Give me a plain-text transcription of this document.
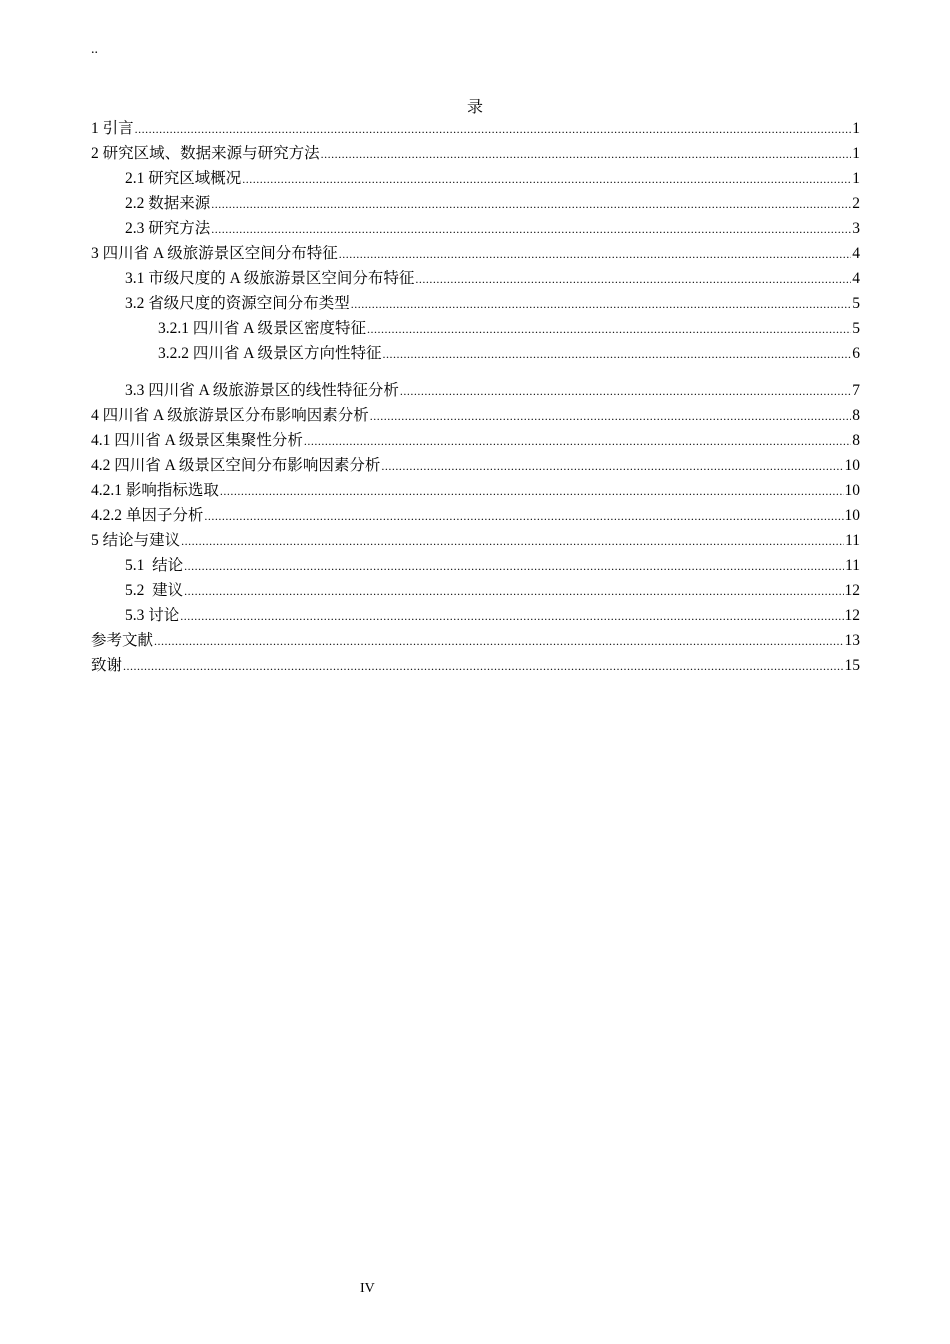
..
录
1 引言 .....	1
2 研究区域、数据来源与研究方法 .....	1
2.1 研究区域概况 .....	1
2.2 数据来源 .....	2
2.3 研究方法 .....	3
3 四川省 A 级旅游景区空间分布特征 .....	4
3.1 市级尺度的 A 级旅游景区空间分布特征 .....	4
3.2 省级尺度的资源空间分布类型 .....	5
3.2.1 四川省 A 级景区密度特征 .....	5
3.2.2 四川省 A 级景区方向性特征 .....	6
3.3 四川省 A 级旅游景区的线性特征分析 .....	7
4 四川省 A 级旅游景区分布影响因素分析 .....	8
4.1 四川省 A 级景区集聚性分析 .....	8
4.2 四川省 A 级景区空间分布影响因素分析 .....	10
4.2.1 影响指标选取 .....	10
4.2.2 单因子分析 .....	10
5 结论与建议 .....	11
5.1  结论 .....	11
5.2  建议 .....	12
5.3 讨论 .....	12
参考文献 .....	13
致谢 .....	15
IV
